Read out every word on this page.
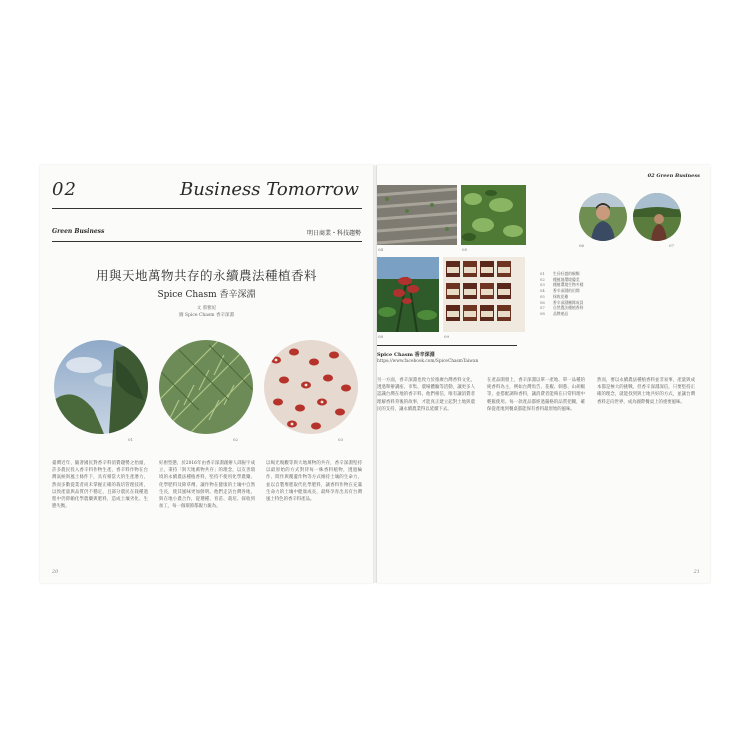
02	Business Tomorrow
Green Business	明日商業・科技趨勢
用與天地萬物共存的永續農法種植香料
Spice Chasm 香辛深淵
文 蔡雅妃
圖 Spice Chasm 香辛深淵
01	02	03
臺灣近年，隨著國民對香辛料消費趨勢之抬頭，許多農民投入香辛料作物生產，香辛料作物在台灣氣候與風土條件下，具有相當大的生產潛力，然而多數從業者尚未掌握正確的栽培管理技術，以致產量與品質仍不穩定，且部分農民在栽種過程中仍仰賴化學農藥與肥料，造成土壤劣化、生態失衡。
好廚型態，於2016年由香辛深淵創辦人邱振宇成立，秉持「與天地萬物共存」的理念，以友善環境的永續農法種植香料，堅持不使用化學農藥、化學肥料及除草劑，讓作物在健康的土壤中自然生長，使其風味更加鮮明。他們走訪台灣各地，與在地小農合作，從選種、育苗、栽培、採收到加工，每一個環節都親力親為。
以喝光嗅觀等與大地萬物的共存，香辛深淵堅持以最原始的方式對待每一株香料植物，透過輪作、間作與覆蓋作物等方式維持土壤的生命力，並以自製堆肥取代化學肥料，讓香料作物在充滿生命力的土壤中健康成長，最終孕育出具有台灣風土特色的香辛料產品。
20
02 Green Business
04	05
06	07
08	09
01	生長旺盛的椒類
02	種植地環境優美
03	種植環境生物多樣
04	香辛深淵的田間
05	採收花椒
06	香辛深淵團隊成員
07	自然農法種植香料
08	品牌產品
Spice Chasm 香辛深淵
https://www.facebook.com/SpiceChasmTaiwan
另一方面，香辛深淵也致力於推廣台灣香料文化，透過舉辦講座、市集、農場體驗等活動，讓更多人認識台灣在地的香辛料。他們相信，唯有讓消費者理解香料背後的故事，才能真正建立起對土地與農民的支持，讓永續農業得以延續下去。
在產品開發上，香辛深淵以單一產地、單一品種的純香料為主，例如台灣馬告、花椒、刺蔥、山胡椒等，並搭配調和香料，讓消費者能夠在日常料理中輕鬆使用。每一款產品都經過嚴格的品質把關，確保從產地到餐桌都能保有香料最原始的風味。
然而，要以永續農法種植香料並非易事，產量與成本都是極大的挑戰。但香辛深淵深信，只要堅持正確的理念，就能找到與土地共好的方式，並讓台灣香料走向世界，成為國際餐桌上的重要風味。
21
